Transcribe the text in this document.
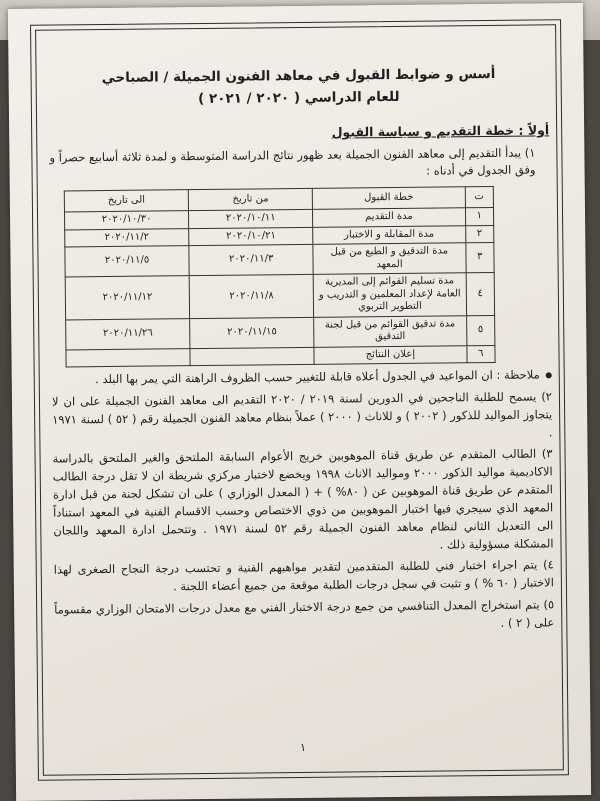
أسس و ضوابط القبول في معاهد الفنون الجميلة / الصباحي
للعام الدراسي ( ٢٠٢٠ / ٢٠٢١ )
أولاً : خطة التقديم و سياسة القبول
١) يبدأ التقديم إلى معاهد الفنون الجميلة بعد ظهور نتائج الدراسة المتوسطة و لمدة ثلاثة أسابيع حصراً و وفق الجدول في أدناه :
ت	خطة القبول	من تاريخ	الى تاريخ
١	مدة التقديم	٢٠٢٠/١٠/١١	٢٠٢٠/١٠/٣٠
٢	مدة المقابلة و الاختبار	٢٠٢٠/١٠/٢١	٢٠٢٠/١١/٢
٣	مدة التدقيق و الطبع من قبل المعهد	٢٠٢٠/١١/٣	٢٠٢٠/١١/٥
٤	مدة تسليم القوائم إلى المديرية العامة لإعداد المعلمين و التدريب و التطوير التربوي	٢٠٢٠/١١/٨	٢٠٢٠/١١/١٢
٥	مدة تدقيق القوائم من قبل لجنة التدقيق	٢٠٢٠/١١/١٥	٢٠٢٠/١١/٢٦
٦	إعلان النتائج		
ملاحظة : ان المواعيد في الجدول أعلاه قابلة للتغيير حسب الظروف الراهنة التي يمر بها البلد .
٢) يسمح للطلبة الناجحين في الدورين لسنة ٢٠١٩ / ٢٠٢٠ التقديم الى معاهد الفنون الجميلة على ان لا يتجاوز المواليد للذكور ( ٢٠٠٢ ) و للاناث ( ٢٠٠٠ ) عملاً بنظام معاهد الفنون الجميلة رقم ( ٥٢ ) لسنة ١٩٧١ .
٣) الطالب المتقدم عن طريق قناة الموهوبين خريج الأعوام السابقة الملتحق والغير الملتحق بالدراسة الاكاديمية مواليد الذكور ٢٠٠٠ ومواليد الاناث ١٩٩٨ ويخضع لاختبار مركزي شريطة ان لا تقل درجة الطالب المتقدم عن طريق قناة الموهوبين عن ( ٨٠% ) + ( المعدل الوزاري ) على ان تشكل لجنة من قبل ادارة المعهد الذي سيجري فيها اختبار الموهوبين من ذوي الاختصاص وحسب الاقسام الفنية في المعهد استناداً الى التعديل الثاني لنظام معاهد الفنون الجميلة رقم ٥٢ لسنة ١٩٧١ . وتتحمل ادارة المعهد واللجان المشكلة مسؤولية ذلك .
٤) يتم اجراء اختبار فني للطلبة المتقدمين لتقدير مواهبهم الفنية و تحتسب درجة النجاح الصغرى لهذا الاختبار ( ٦٠ % ) و تثبت في سجل درجات الطلبة موقعة من جميع أعضاء اللجنة .
٥) يتم استخراج المعدل التنافسي من جمع درجة الاختبار الفني مع معدل درجات الامتحان الوزاري مقسوماً على ( ٢ ) .
١
